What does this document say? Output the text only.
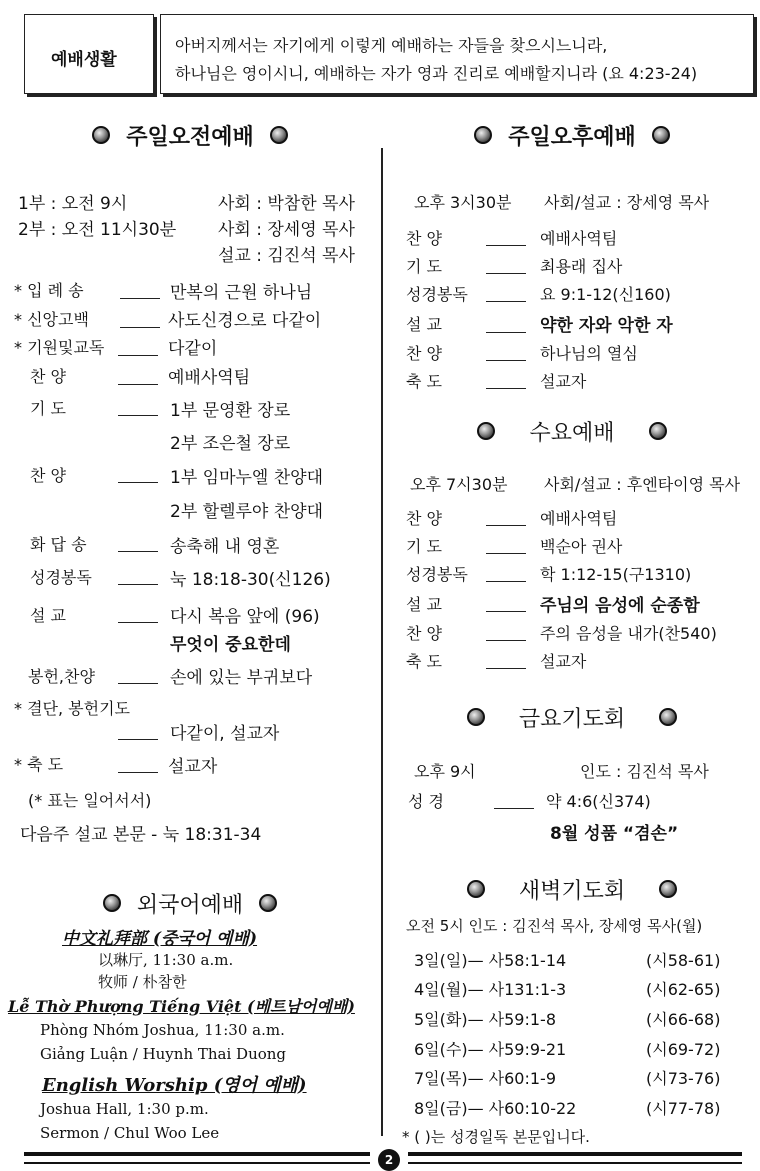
예배생활
아버지께서는 자기에게 이렇게 예배하는 자들을 찾으시느니라,
하나님은 영이시니, 예배하는 자가 영과 진리로 예배할지니라 (요 4:23-24)
주일오전예배
1부 : 오전 9시	사회 : 박참한 목사
2부 : 오전 11시30분 사회 : 장세영 목사
설교 : 김진석 목사
* 입 례 송	만복의 근원 하나님
* 신앙고백	사도신경으로 다같이
* 기원및교독	다같이
찬 양	예배사역팀
기 도	1부 문영환 장로
2부 조은철 장로
찬 양	1부 임마누엘 찬양대
2부 할렐루야 찬양대
화 답 송	송축해 내 영혼
성경봉독	눅 18:18-30(신126)
설 교	다시 복음 앞에 (96)
무엇이 중요한데
봉헌,찬양	손에 있는 부귀보다
* 결단, 봉헌기도
다같이, 설교자
* 축 도	설교자
(* 표는 일어서서)
다음주 설교 본문 - 눅 18:31-34
외국어예배
中文礼拜部 (중국어 예배)
以琳厅, 11:30 a.m.
牧师 / 朴참한
Lễ Thờ Phượng Tiếng Việt (베트남어예배)
Phòng Nhóm Joshua, 11:30 a.m.
Giảng Luận / Huynh Thai Duong
English Worship (영어 예배)
Joshua Hall, 1:30 p.m.
Sermon / Chul Woo Lee
주일오후예배
오후 3시30분 사회/설교 : 장세영 목사
찬 양	예배사역팀
기 도	최용래 집사
성경봉독	요 9:1-12(신160)
설 교	약한 자와 악한 자
찬 양	하나님의 열심
축 도	설교자
수요예배
오후 7시30분 사회/설교 : 후엔타이영 목사
찬 양	예배사역팀
기 도	백순아 권사
성경봉독	학 1:12-15(구1310)
설 교	주님의 음성에 순종함
찬 양	주의 음성을 내가(찬540)
축 도	설교자
금요기도회
오후 9시	인도 : 김진석 목사
성 경	약 4:6(신374)
8월 성품 “겸손”
새벽기도회
오전 5시 인도 : 김진석 목사, 장세영 목사(월)
3일(일)— 사58:1-14	(시58-61)
4일(월)— 사131:1-3	(시62-65)
5일(화)— 사59:1-8	(시66-68)
6일(수)— 사59:9-21	(시69-72)
7일(목)— 사60:1-9	(시73-76)
8일(금)— 사60:10-22	(시77-78)
* ( )는 성경일독 본문입니다.
2
